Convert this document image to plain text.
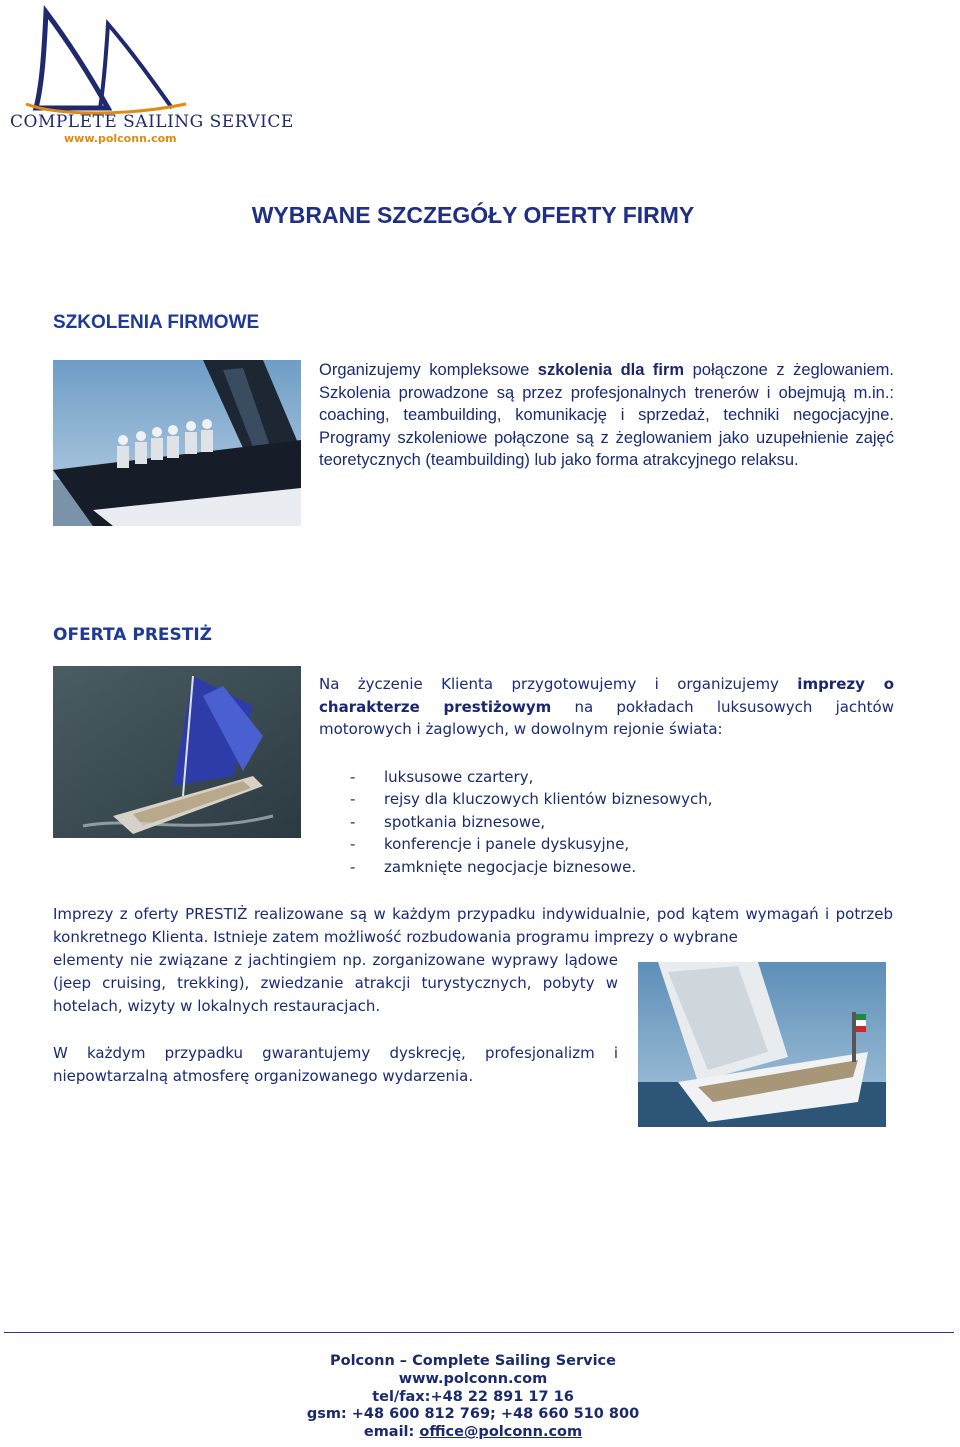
COMPLETE SAILING SERVICE
www.polconn.com
WYBRANE SZCZEGÓŁY OFERTY FIRMY
SZKOLENIA FIRMOWE

Organizujemy kompleksowe szkolenia dla firm połączone z żeglowaniem. Szkolenia prowadzone są przez profesjonalnych trenerów i obejmują m.in.: coaching, teambuilding, komunikację i sprzedaż, techniki negocjacyjne. Programy szkoleniowe połączone są z żeglowaniem jako uzupełnienie zajęć teoretycznych (teambuilding) lub jako forma atrakcyjnego relaksu.

OFERTA PRESTIŻ

Na życzenie Klienta przygotowujemy i organizujemy imprezy o charakterze prestiżowym na pokładach luksusowych jachtów motorowych i żaglowych, w dowolnym rejonie świata:

- luksusowe czartery,
- rejsy dla kluczowych klientów biznesowych,
- spotkania biznesowe,
- konferencje i panele dyskusyjne,
- zamknięte negocjacje biznesowe.

Imprezy z oferty PRESTIŻ realizowane są w każdym przypadku indywidualnie, pod kątem wymagań i potrzeb konkretnego Klienta. Istnieje zatem możliwość rozbudowania programu imprezy o wybrane

elementy nie związane z jachtingiem np. zorganizowane wyprawy lądowe (jeep cruising, trekking), zwiedzanie atrakcji turystycznych, pobyty w hotelach, wizyty w lokalnych restauracjach.

W każdym przypadku gwarantujemy dyskrecję, profesjonalizm i niepowtarzalną atmosferę organizowanego wydarzenia.

Polconn – Complete Sailing Service
www.polconn.com
tel/fax:+48 22 891 17 16
gsm: +48 600 812 769; +48 660 510 800
email: office@polconn.com
